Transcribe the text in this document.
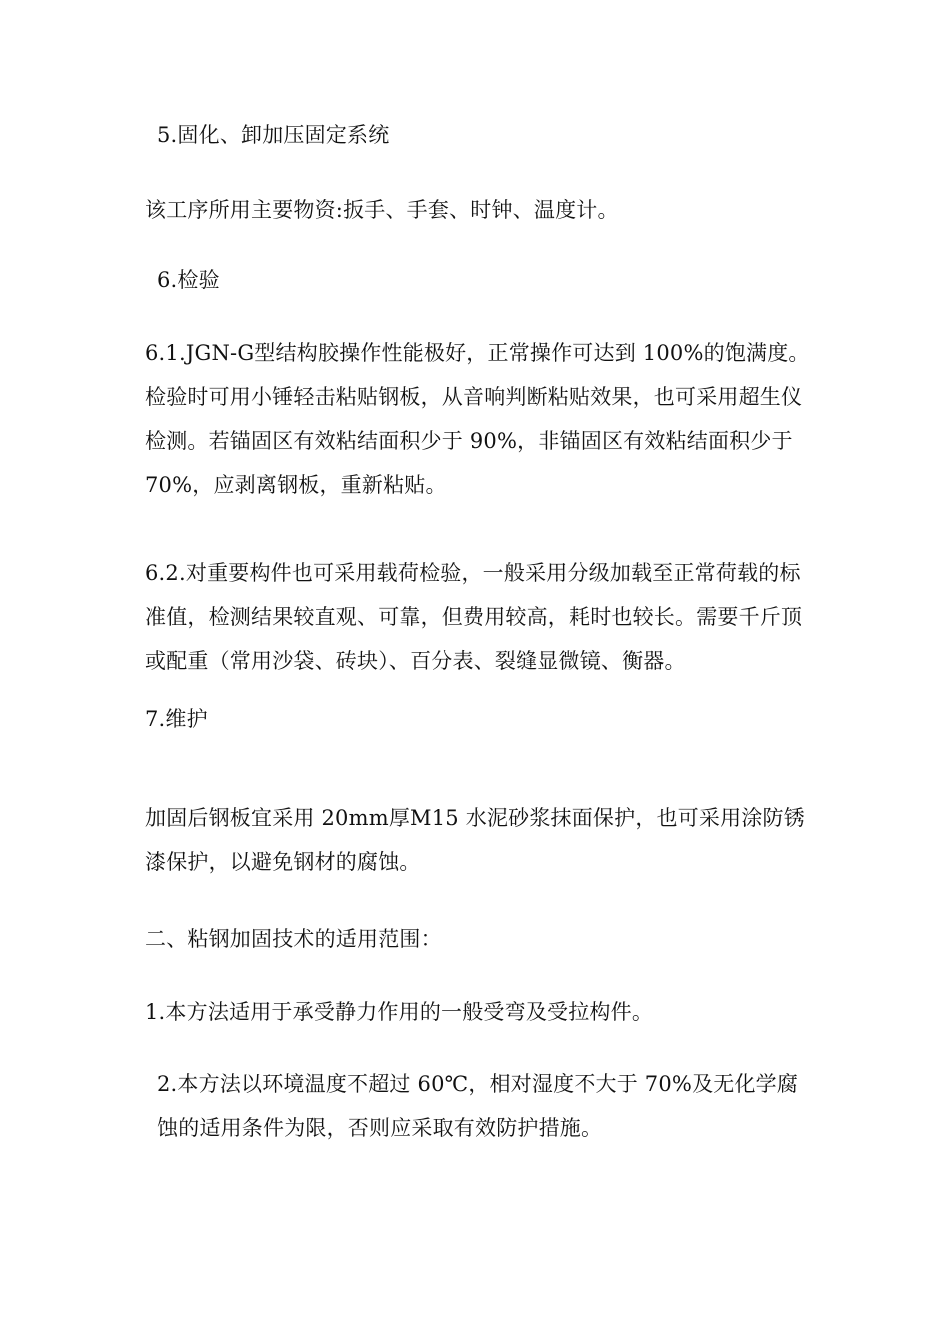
5.固化、卸加压固定系统

该工序所用主要物资:扳手、手套、时钟、温度计。

6.检验

6.1.JGN-G型结构胶操作性能极好，正常操作可达到 100%的饱满度。检验时可用小锤轻击粘贴钢板，从音响判断粘贴效果，也可采用超生仪检测。若锚固区有效粘结面积少于 90%，非锚固区有效粘结面积少于 70%，应剥离钢板，重新粘贴。

6.2.对重要构件也可采用载荷检验，一般采用分级加载至正常荷载的标准值，检测结果较直观、可靠，但费用较高，耗时也较长。需要千斤顶或配重（常用沙袋、砖块）、百分表、裂缝显微镜、衡器。

7.维护

加固后钢板宜采用 20mm厚M15 水泥砂浆抹面保护，也可采用涂防锈漆保护，以避免钢材的腐蚀。

二、粘钢加固技术的适用范围：

1.本方法适用于承受静力作用的一般受弯及受拉构件。

2.本方法以环境温度不超过 60℃，相对湿度不大于 70%及无化学腐蚀的适用条件为限，否则应采取有效防护措施。
